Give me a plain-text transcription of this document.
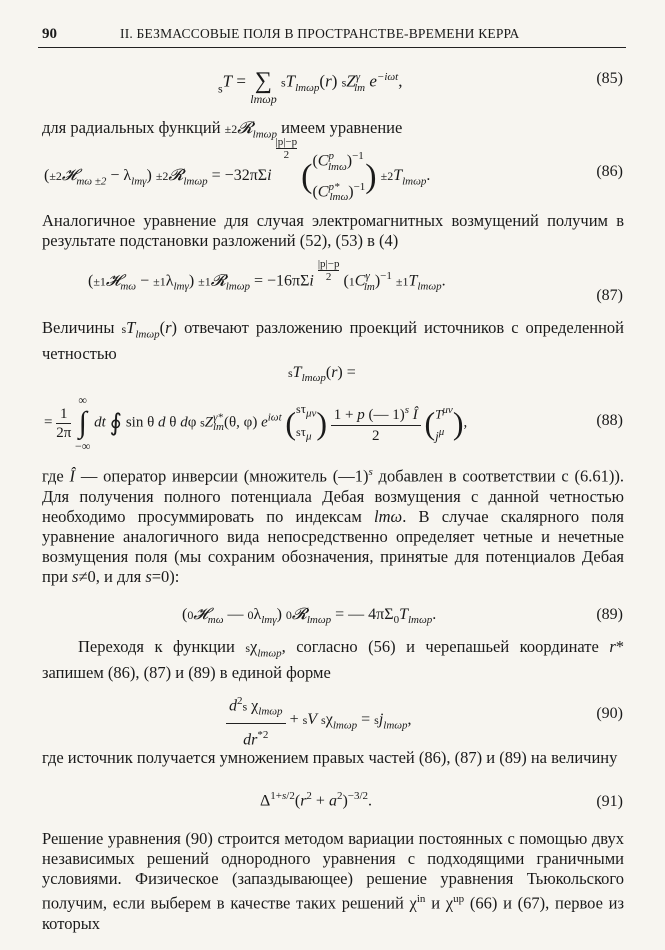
90	II. БЕЗМАССОВЫЕ ПОЛЯ В ПРОСТРАНСТВЕ-ВРЕМЕНИ КЕРРА
$_s$T = ∑
lmωp
$sT_{lm\omega p}(r)$ $sZ^\gamma_{lm}$ $e^{-i\omega t}$,	(85)
для радиальных функций ±2𝓡$_{lm\omega p}$ имеем уравнение
(±2𝓗$_{m\omega \pm 2}$ − $\lambda_{lm\gamma}$) ±2𝓡$_{lm\omega p}$ = −32πΣi
$\frac{|p|-p}{2}$
( $(C^p_{lm\omega})^{-1}$
$(C^{p*}_{lm\omega})^{-1}$ ) $\pm 2T_{lm\omega p}$.	(86)
Аналогичное уравнение для случая электромагнитных возмущений получим в результате подстановки разложений (52), (53) в (4)
(±1𝓗$_{m\omega}$ − $\pm 1\lambda_{lm\gamma}$) ±1𝓡$_{lm\omega p}$ = $-16\pi\Sigma i \frac{|p|-p}{2} (1C^\gamma_{lm})^{-1} \pm 1T_{lm\omega p}$.
(87)
Величины $sT_{lm\omega p}(r)$ отвечают разложению проекций источников с определенной четностью
$sT_{lm\omega p}(r)$ =
= $\frac{1}{2\pi}$

∞
∫
−∞
dt ∮ sin θ d θ dφ $sZ^{\gamma*}_{lm}(\theta$, φ) $e^{i\omega t}$ ( $s\tau_{\mu\nu}$
$s\tau_\mu$ ) $\frac{1 + p (— 1)^s Î}{2}$ ( $T^{\mu\nu}$
$j^\mu$ ),	(88)
где Î — оператор инверсии (множитель (—1)$^s$ добавлен в соответствии с (6.61)). Для получения полного потенциала Дебая возмущения с данной четностью необходимо просуммировать по индексам lmω. В случае скалярного поля уравнение аналогичного вида непосредственно определяет четные и нечетные возмущения поля (мы сохраним обозначения, принятые для потенциалов Дебая при s≠0, и для s=0):
(0𝓗$_{m\omega}$ — $0\lambda_{lm\gamma}$) 0𝓡$_{lm\omega p}$ = — $4\pi\Sigma_0T_{lm\omega p}$.	(89)
Переходя к функции $s\chi_{lm\omega p}$, согласно (56) и черепашьей координате r* запишем (86), (87) и (89) в единой форме
$d^2s$ $\chi_{lm\omega p}$
$dr^{*2}$
+ sV $s\chi_{lm\omega p} = sj_{lm\omega p}$,	(90)
где источник получается умножением правых частей (86), (87) и (89) на величину
$\Delta^{1+s/2}(r^2 + a^2)^{-3/2}$.	(91)
Решение уравнения (90) строится методом вариации постоянных с помощью двух независимых решений однородного уравнения с подходящими граничными условиями. Физическое (запаздывающее) решение уравнения Тьюкольского получим, если выберем в качестве таких решений $\chi^{in}$ и $\chi^{up}$ (66) и (67), первое из которых
